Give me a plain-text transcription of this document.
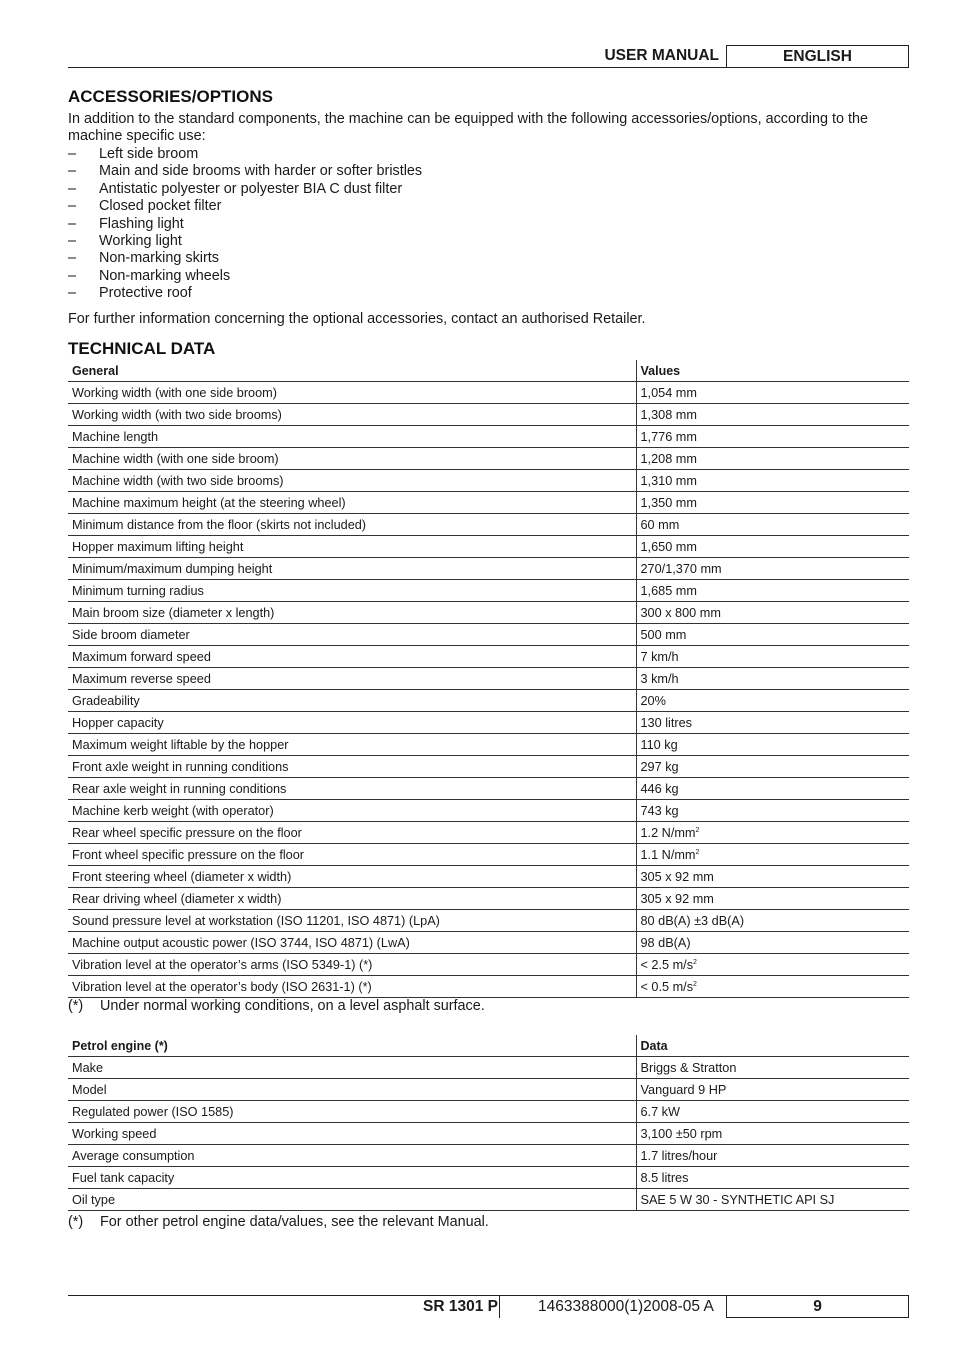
USER MANUAL	ENGLISH
ACCESSORIES/OPTIONS

In addition to the standard components, the machine can be equipped with the following accessories/options, according to the machine specific use:

– Left side broom
– Main and side brooms with harder or softer bristles
– Antistatic polyester or polyester BIA C dust filter
– Closed pocket filter
– Flashing light
– Working light
– Non-marking skirts
– Non-marking wheels
– Protective roof

For further information concerning the optional accessories, contact an authorised Retailer.

TECHNICAL DATA
General	Values
Working width (with one side broom)	1,054 mm
Working width (with two side brooms)	1,308 mm
Machine length	1,776 mm
Machine width (with one side broom)	1,208 mm
Machine width (with two side brooms)	1,310 mm
Machine maximum height (at the steering wheel)	1,350 mm
Minimum distance from the floor (skirts not included)	60 mm
Hopper maximum lifting height	1,650 mm
Minimum/maximum dumping height	270/1,370 mm
Minimum turning radius	1,685 mm
Main broom size (diameter x length)	300 x 800 mm
Side broom diameter	500 mm
Maximum forward speed	7 km/h
Maximum reverse speed	3 km/h
Gradeability	20%
Hopper capacity	130 litres
Maximum weight liftable by the hopper	110 kg
Front axle weight in running conditions	297 kg
Rear axle weight in running conditions	446 kg
Machine kerb weight (with operator)	743 kg
Rear wheel specific pressure on the floor	1.2 $N/mm^2$
Front wheel specific pressure on the floor	1.1 $N/mm^2$
Front steering wheel (diameter x width)	305 x 92 mm
Rear driving wheel (diameter x width)	305 x 92 mm
Sound pressure level at workstation (ISO 11201, ISO 4871) (LpA)	80 dB(A) ±3 dB(A)
Machine output acoustic power (ISO 3744, ISO 4871) (LwA)	98 dB(A)
Vibration level at the operator’s arms (ISO 5349-1) (*)	< 2.5 $m/s^2$
Vibration level at the operator’s body (ISO 2631-1) (*)	< 0.5 $m/s^2$

(*) Under normal working conditions, on a level asphalt surface.

Petrol engine (*)	Data
Make	Briggs & Stratton
Model	Vanguard 9 HP
Regulated power (ISO 1585)	6.7 kW
Working speed	3,100 ±50 rpm
Average consumption	1.7 litres/hour
Fuel tank capacity	8.5 litres
Oil type	SAE 5 W 30 - SYNTHETIC API SJ

(*) For other petrol engine data/values, see the relevant Manual.

SR 1301 P	1463388000(1)2008-05 A	9
